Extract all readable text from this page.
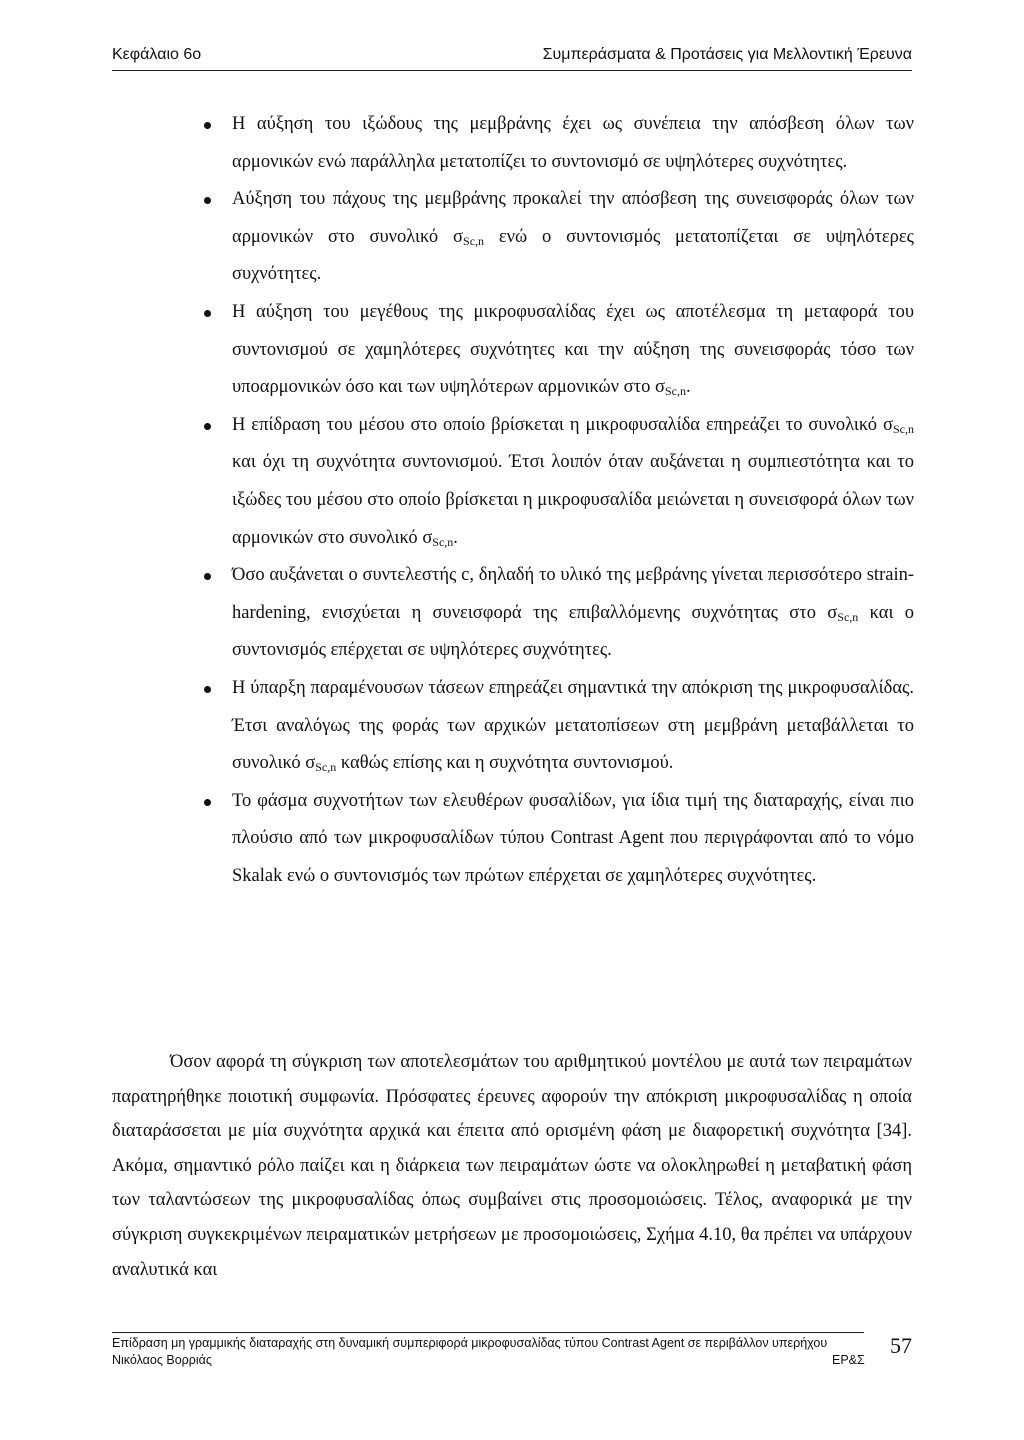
Κεφάλαιο 6ο	Συμπεράσματα & Προτάσεις για Μελλοντική Έρευνα
Η αύξηση του ιξώδους της μεμβράνης έχει ως συνέπεια την απόσβεση όλων των αρμονικών ενώ παράλληλα μετατοπίζει το συντονισμό σε υψηλότερες συχνότητες.
Αύξηση του πάχους της μεμβράνης προκαλεί την απόσβεση της συνεισφοράς όλων των αρμονικών στο συνολικό $\sigma_{Sc,n}$ ενώ ο συντονισμός μετατοπίζεται σε υψηλότερες συχνότητες.
Η αύξηση του μεγέθους της μικροφυσαλίδας έχει ως αποτέλεσμα τη μεταφορά του συντονισμού σε χαμηλότερες συχνότητες και την αύξηση της συνεισφοράς τόσο των υποαρμονικών όσο και των υψηλότερων αρμονικών στο $\sigma_{Sc,n}$.
Η επίδραση του μέσου στο οποίο βρίσκεται η μικροφυσαλίδα επηρεάζει το συνολικό $\sigma_{Sc,n}$ και όχι τη συχνότητα συντονισμού. Έτσι λοιπόν όταν αυξάνεται η συμπιεστότητα και το ιξώδες του μέσου στο οποίο βρίσκεται η μικροφυσαλίδα μειώνεται η συνεισφορά όλων των αρμονικών στο συνολικό $\sigma_{Sc,n}$.
Όσο αυξάνεται ο συντελεστής c, δηλαδή το υλικό της μεβράνης γίνεται περισσότερο strain-hardening, ενισχύεται η συνεισφορά της επιβαλλόμενης συχνότητας στο $\sigma_{Sc,n}$ και ο συντονισμός επέρχεται σε υψηλότερες συχνότητες.
Η ύπαρξη παραμένουσων τάσεων επηρεάζει σημαντικά την απόκριση της μικροφυσαλίδας. Έτσι αναλόγως της φοράς των αρχικών μετατοπίσεων στη μεμβράνη μεταβάλλεται το συνολικό $\sigma_{Sc,n}$ καθώς επίσης και η συχνότητα συντονισμού.
Το φάσμα συχνοτήτων των ελευθέρων φυσαλίδων, για ίδια τιμή της διαταραχής, είναι πιο πλούσιο από των μικροφυσαλίδων τύπου Contrast Agent που περιγράφονται από το νόμο Skalak ενώ ο συντονισμός των πρώτων επέρχεται σε χαμηλότερες συχνότητες.

Όσον αφορά τη σύγκριση των αποτελεσμάτων του αριθμητικού μοντέλου με αυτά των πειραμάτων παρατηρήθηκε ποιοτική συμφωνία. Πρόσφατες έρευνες αφορούν την απόκριση μικροφυσαλίδας η οποία διαταράσσεται με μία συχνότητα αρχικά και έπειτα από ορισμένη φάση με διαφορετική συχνότητα [34]. Ακόμα, σημαντικό ρόλο παίζει και η διάρκεια των πειραμάτων ώστε να ολοκληρωθεί η μεταβατική φάση των ταλαντώσεων της μικροφυσαλίδας όπως συμβαίνει στις προσομοιώσεις. Τέλος, αναφορικά με την σύγκριση συγκεκριμένων πειραματικών μετρήσεων με προσομοιώσεις, Σχήμα 4.10, θα πρέπει να υπάρχουν αναλυτικά και

Επίδραση μη γραμμικής διαταραχής στη δυναμική συμπεριφορά μικροφυσαλίδας τύπου Contrast Agent σε περιβάλλον υπερήχου
Νικόλαος Βορριάς	ΕΡ&Σ
57
